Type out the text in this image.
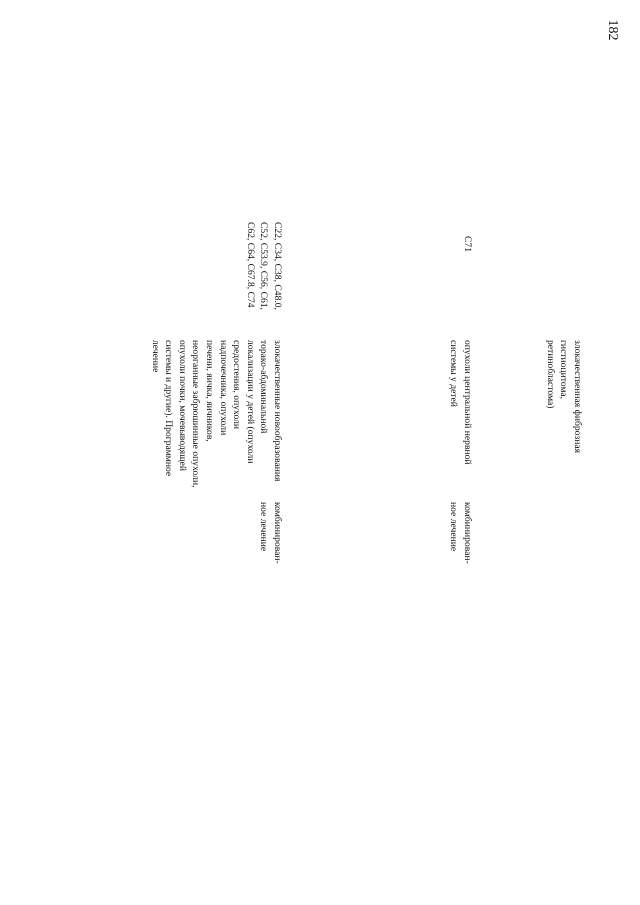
182
злокачественная фиброзная
гистиоцитома,
ретинобластома)
C71
опухоли центральной нервной
системы у детей
комбинирован-
ное лечение
C22, C34, C38, C48.0,
C52, C53.9, C56, C61,
C62, C64, C67.8, C74
злокачественные новообразования
торако-абдоминальной
локализации у детей (опухоли
средостения, опухоли
надпочечника, опухоли
печени, яичка, яичников,
неорганные забрюшинные опухоли,
опухоли почки, мочевыводящей
системы и другие). Программное
лечение
комбинирован-
ное лечение
